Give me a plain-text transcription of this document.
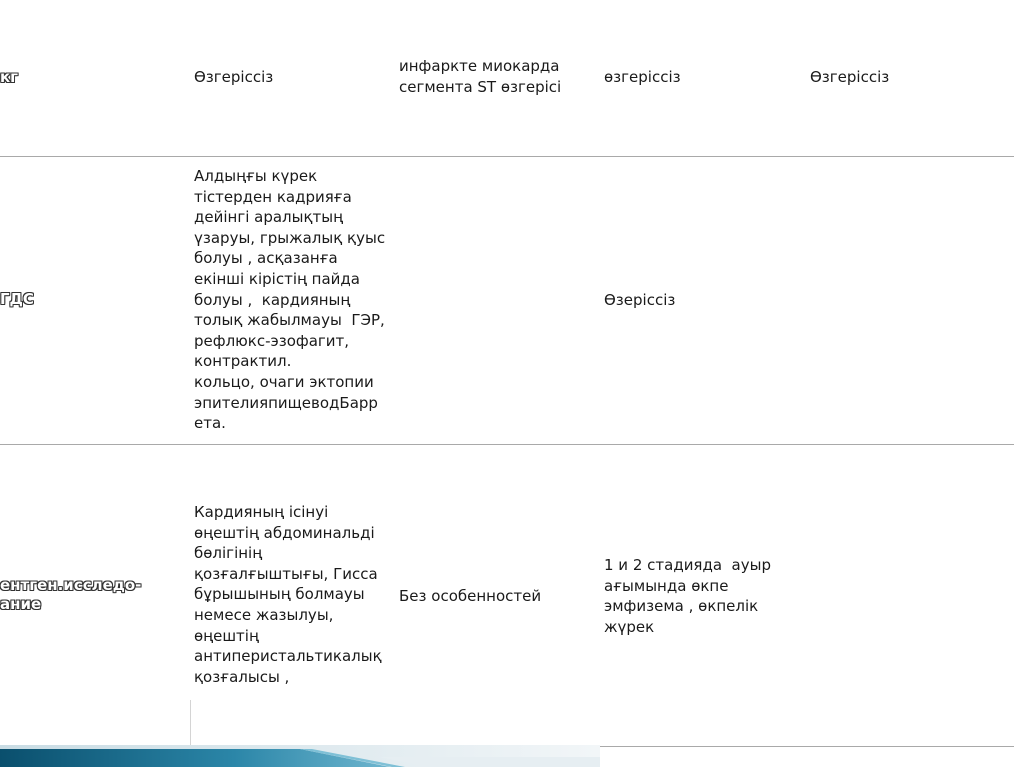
кг	Өзгеріссіз
инфаркте миокарда
сегмента ST өзгерісі
өзгеріссіз	Өзгеріссіз
ГДС
Алдыңғы күрек
тістерден кадрияға
дейінгі аралықтың
үзаруы, грыжалық қуыс
болуы , асқазанға
екінші кірістің пайда
болуы ,  кардияның
толық жабылмауы  ГЭР,
рефлюкс-эзофагит,
контрактил.
кольцо, очаги эктопии
эпителияпищеводБарр
ета.
Өзеріссіз
ентген.исследо-
ание
Кардияның ісінуі
өңештің абдоминальді
бөлігінің
қозғалғыштығы, Гисса
бұрышының болмауы
немесе жазылуы,
өңештің
антиперистальтикалық
қозғалысы ,
Без особенностей
1 и 2 стадияда  ауыр
ағымында өкпе
эмфизема , өкпелік
жүрек
